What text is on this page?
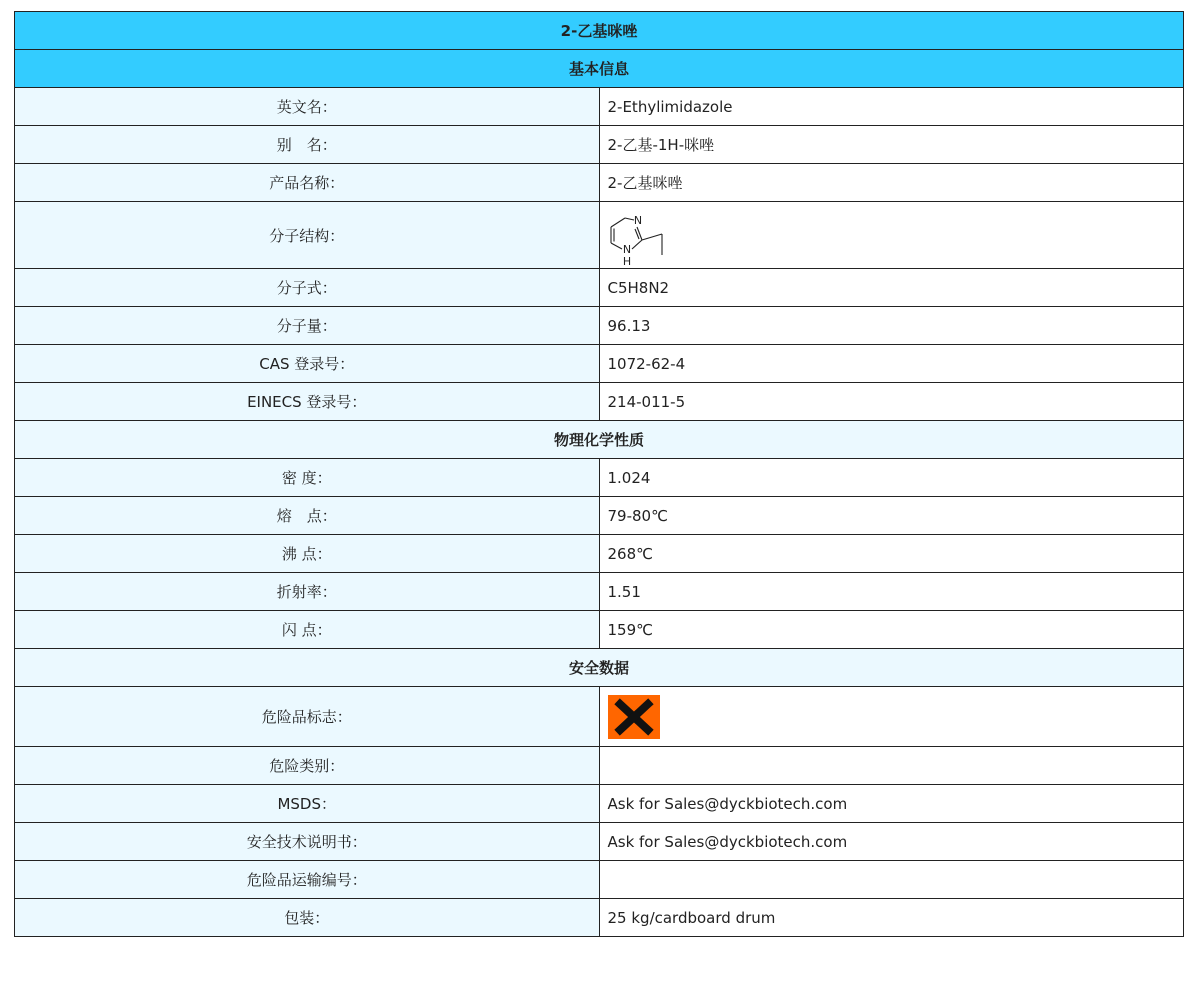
2-乙基咪唑	
基本信息	
英文名：	2-Ethylimidazole
别　名：	2-乙基-1H-咪唑
产品名称：	2-乙基咪唑
分子结构：	N
N
H

分子式：	C5H8N2
分子量：	96.13
CAS 登录号：	1072-62-4
EINECS 登录号：	214-011-5
物理化学性质	
密 度：	1.024
熔　点：	79-80℃
沸 点：	268℃
折射率：	1.51
闪 点：	159℃
安全数据	
危险品标志：	

危险类别：	
MSDS：	Ask for Sales@dyckbiotech.com
安全技术说明书：	Ask for Sales@dyckbiotech.com
危险品运输编号：	
包装：	25 kg/cardboard drum
